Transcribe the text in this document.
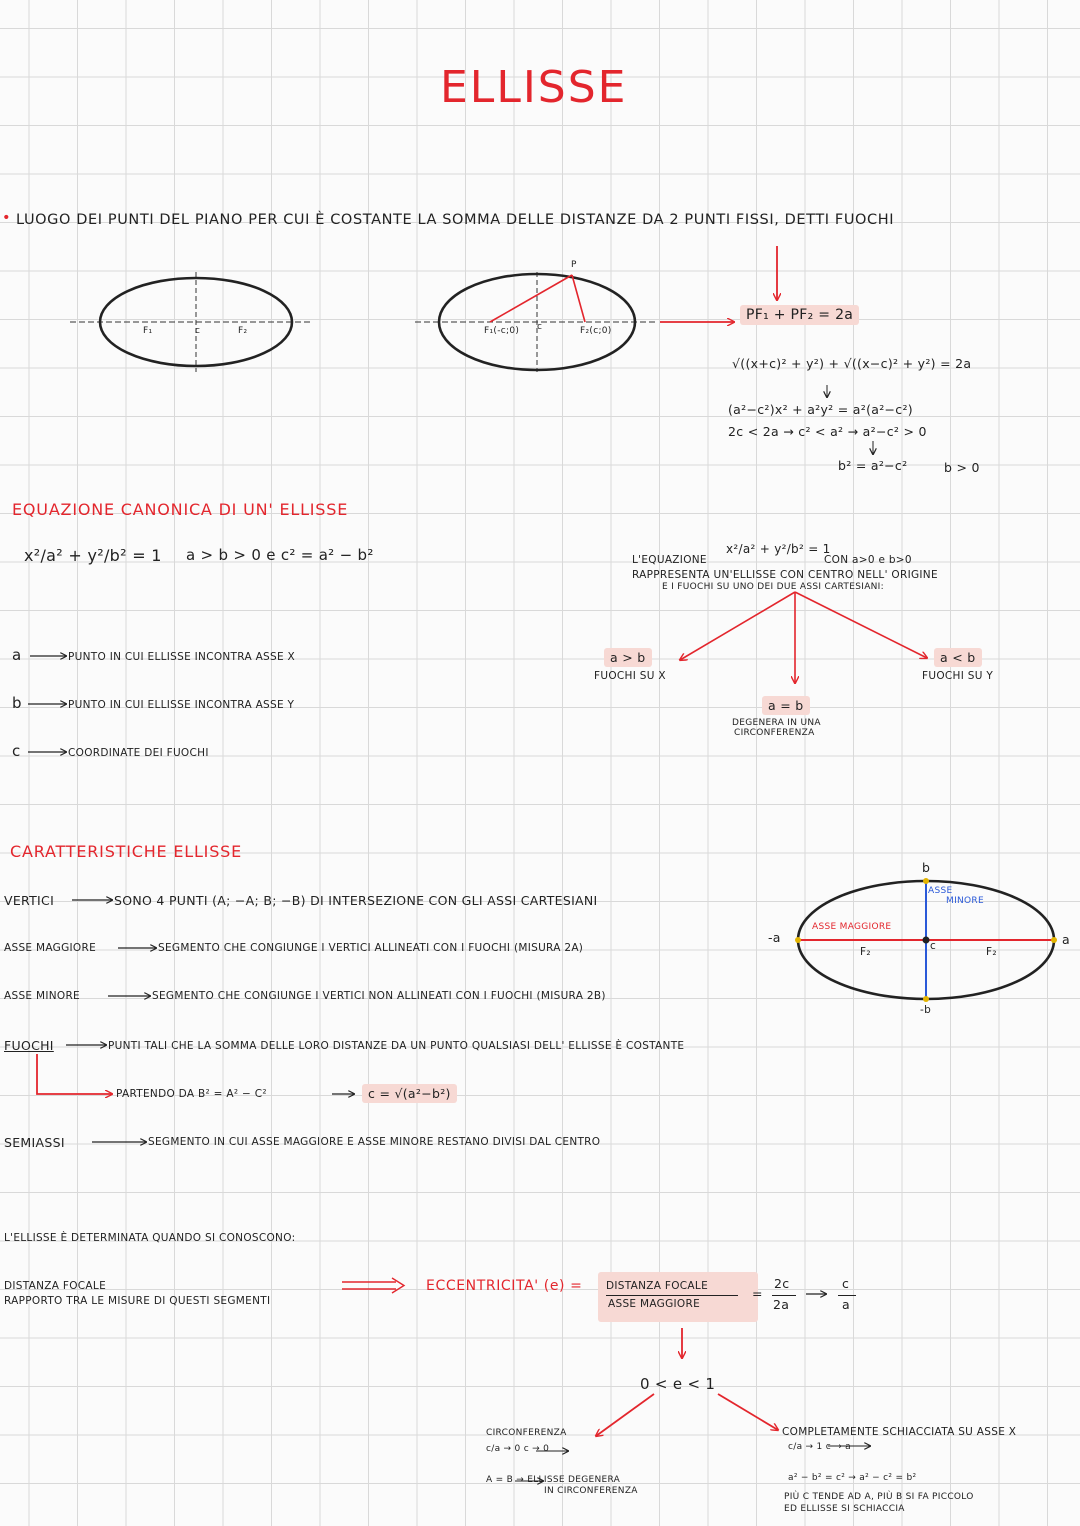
ELLISSE
• LUOGO DEI PUNTI DEL PIANO PER CUI È COSTANTE LA SOMMA DELLE DISTANZE DA 2 PUNTI FISSI, DETTI FUOCHI
F₁	c	F₂
P
F₁(-c;0) c	F₂(c;0)
PF₁ + PF₂ = 2a
√((x+c)² + y²) + √((x−c)² + y²) = 2a
(a²−c²)x² + a²y² = a²(a²−c²)
2c < 2a → c² < a² → a²−c² > 0
b² = a²−c²	b > 0
EQUAZIONE CANONICA DI UN' ELLISSE
x²/a² + y²/b² = 1 a > b > 0 e c² = a² − b²
a	PUNTO IN CUI ELLISSE INCONTRA ASSE X
b	PUNTO IN CUI ELLISSE INCONTRA ASSE Y
c	COORDINATE DEI FUOCHI
L'EQUAZIONE
x²/a² + y²/b² = 1
CON a>0 e b>0
RAPPRESENTA UN'ELLISSE CON CENTRO NELL' ORIGINE
E I FUOCHI SU UNO DEI DUE ASSI CARTESIANI:
a > b
FUOCHI SU X
a = b
DEGENERA IN UNA
CIRCONFERENZA
a < b
FUOCHI SU Y
CARATTERISTICHE ELLISSE
VERTICI	SONO 4 PUNTI (A; −A; B; −B) DI INTERSEZIONE CON GLI ASSI CARTESIANI
ASSE MAGGIORE	SEGMENTO CHE CONGIUNGE I VERTICI ALLINEATI CON I FUOCHI (MISURA 2A)
ASSE MINORE	SEGMENTO CHE CONGIUNGE I VERTICI NON ALLINEATI CON I FUOCHI (MISURA 2B)
FUOCHI	PUNTI TALI CHE LA SOMMA DELLE LORO DISTANZE DA UN PUNTO QUALSIASI DELL' ELLISSE È COSTANTE
PARTENDO DA B² = A² − C²	c = √(a²−b²)
SEMIASSI	SEGMENTO IN CUI ASSE MAGGIORE E ASSE MINORE RESTANO DIVISI DAL CENTRO
b
-b
a
-a
ASSE MAGGIORE
ASSE
MINORE
F₂	F₂
c
L'ELLISSE È DETERMINATA QUANDO SI CONOSCONO:
DISTANZA FOCALE
RAPPORTO TRA LE MISURE DI QUESTI SEGMENTI
ECCENTRICITA' (e) = DISTANZA FOCALE
ASSE MAGGIORE
=
2c
2a
c
a
0 < e < 1
CIRCONFERENZA
c/a → 0 c → 0
A = B → ELLISSE DEGENERA
IN CIRCONFERENZA
COMPLETAMENTE SCHIACCIATA SU ASSE X
c/a → 1 c → a
a² − b² = c² → a² − c² = b²
PIÙ C TENDE AD A, PIÙ B SI FA PICCOLO
ED ELLISSE SI SCHIACCIA
